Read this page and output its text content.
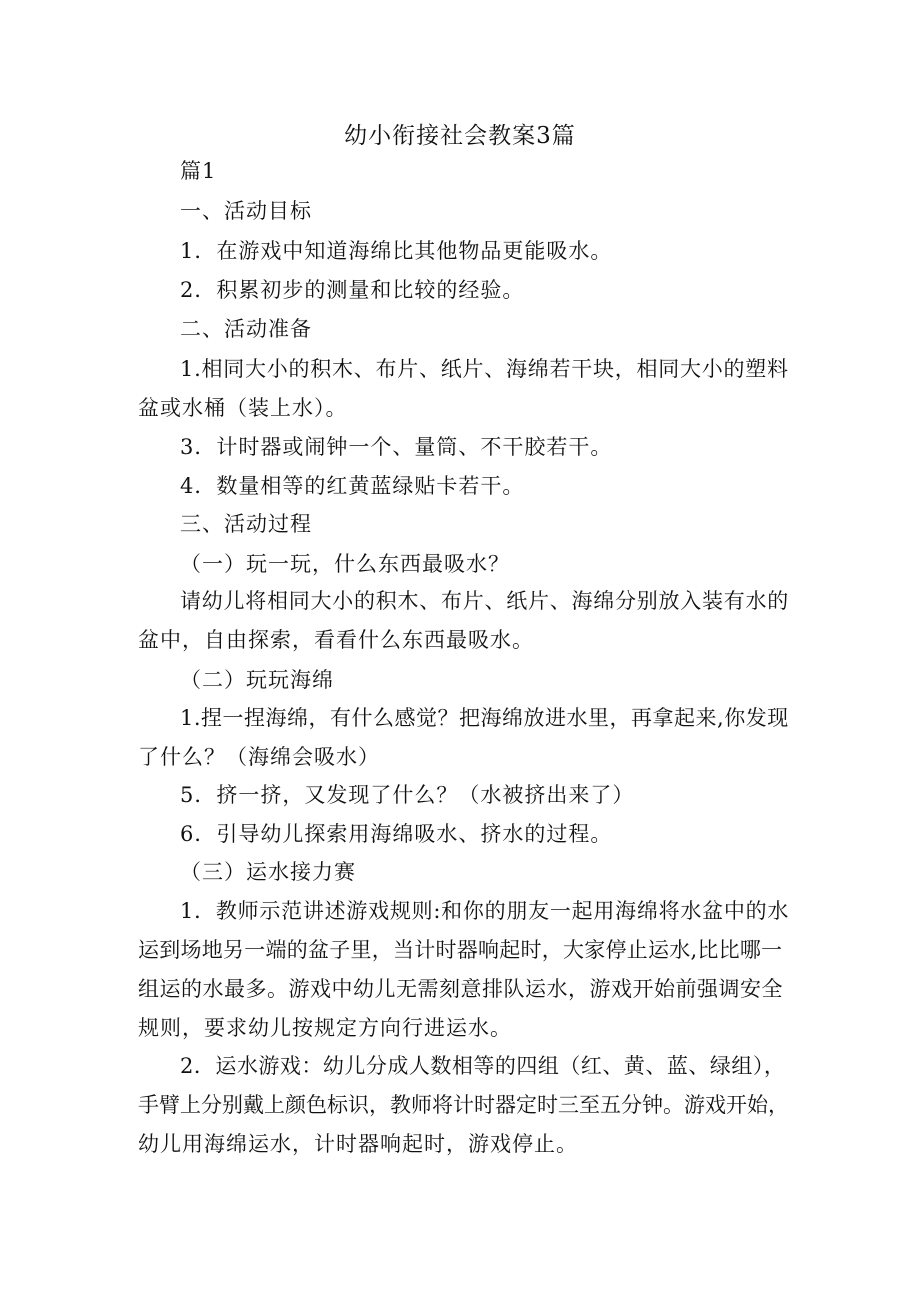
幼小衔接社会教案3篇
篇1
一、活动目标
1．在游戏中知道海绵比其他物品更能吸水。
2．积累初步的测量和比较的经验。
二、活动准备
1.相同大小的积木、布片、纸片、海绵若干块，相同大小的塑料
盆或水桶（装上水）。
3．计时器或闹钟一个、量筒、不干胶若干。
4．数量相等的红黄蓝绿贴卡若干。
三、活动过程
（一）玩一玩，什么东西最吸水？
请幼儿将相同大小的积木、布片、纸片、海绵分别放入装有水的
盆中，自由探索，看看什么东西最吸水。
（二）玩玩海绵
1.捏一捏海绵，有什么感觉？把海绵放进水里，再拿起来,你发现
了什么？（海绵会吸水）
5．挤一挤，又发现了什么？（水被挤出来了）
6．引导幼儿探索用海绵吸水、挤水的过程。
（三）运水接力赛
1．教师示范讲述游戏规则:和你的朋友一起用海绵将水盆中的水
运到场地另一端的盆子里，当计时器响起时，大家停止运水,比比哪一
组运的水最多。游戏中幼儿无需刻意排队运水，游戏开始前强调安全
规则，要求幼儿按规定方向行进运水。
2．运水游戏：幼儿分成人数相等的四组（红、黄、蓝、绿组），
手臂上分别戴上颜色标识，教师将计时器定时三至五分钟。游戏开始，
幼儿用海绵运水，计时器响起时，游戏停止。
